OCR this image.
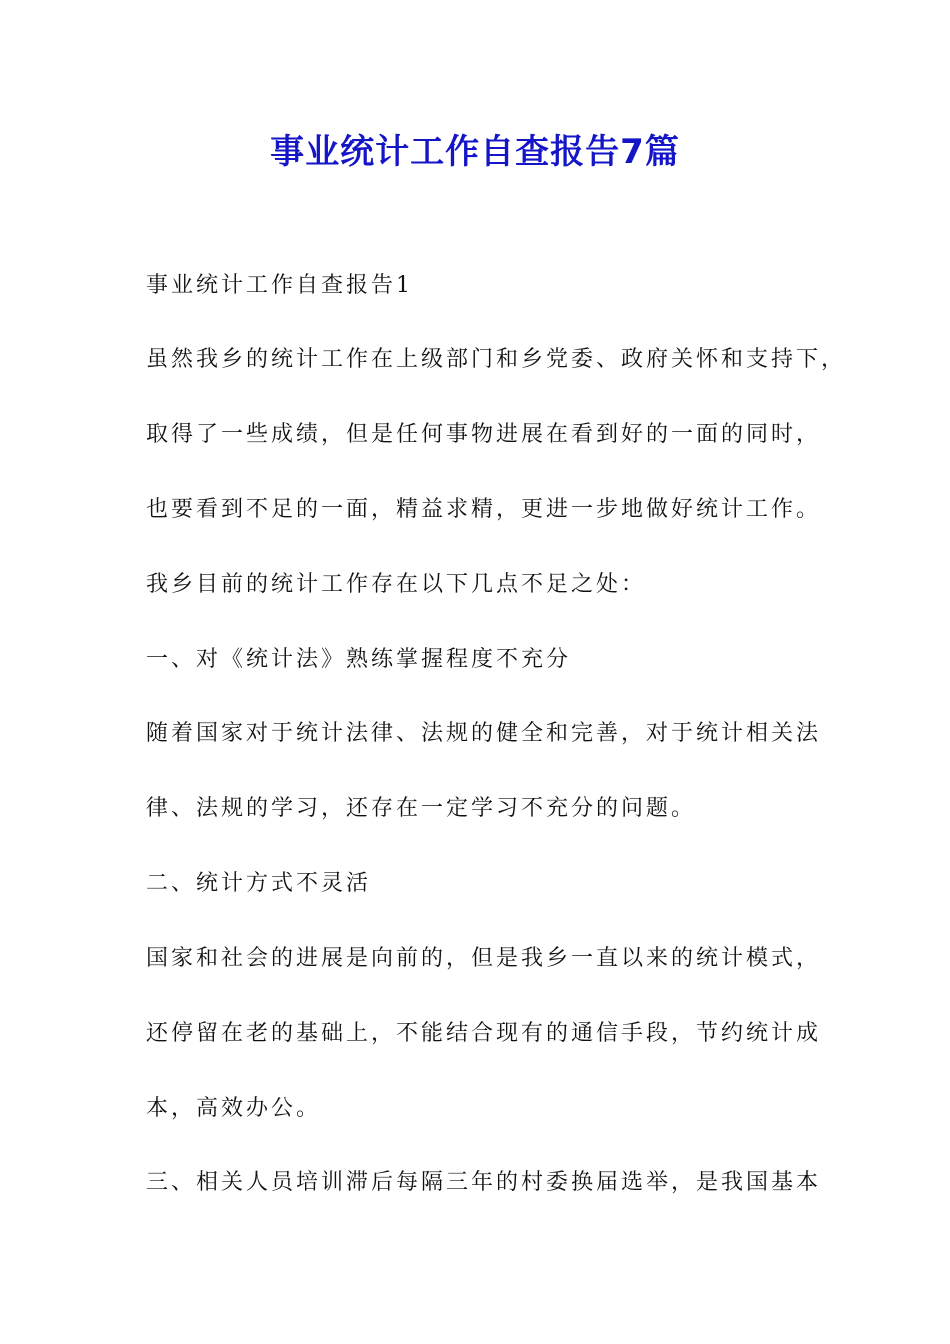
事业统计工作自查报告7篇
事业统计工作自查报告1
虽然我乡的统计工作在上级部门和乡党委、政府关怀和支持下，
取得了一些成绩，但是任何事物进展在看到好的一面的同时，
也要看到不足的一面，精益求精，更进一步地做好统计工作。
我乡目前的统计工作存在以下几点不足之处：
一、对《统计法》熟练掌握程度不充分
随着国家对于统计法律、法规的健全和完善，对于统计相关法
律、法规的学习，还存在一定学习不充分的问题。
二、统计方式不灵活
国家和社会的进展是向前的，但是我乡一直以来的统计模式，
还停留在老的基础上，不能结合现有的通信手段，节约统计成
本，高效办公。
三、相关人员培训滞后每隔三年的村委换届选举，是我国基本
